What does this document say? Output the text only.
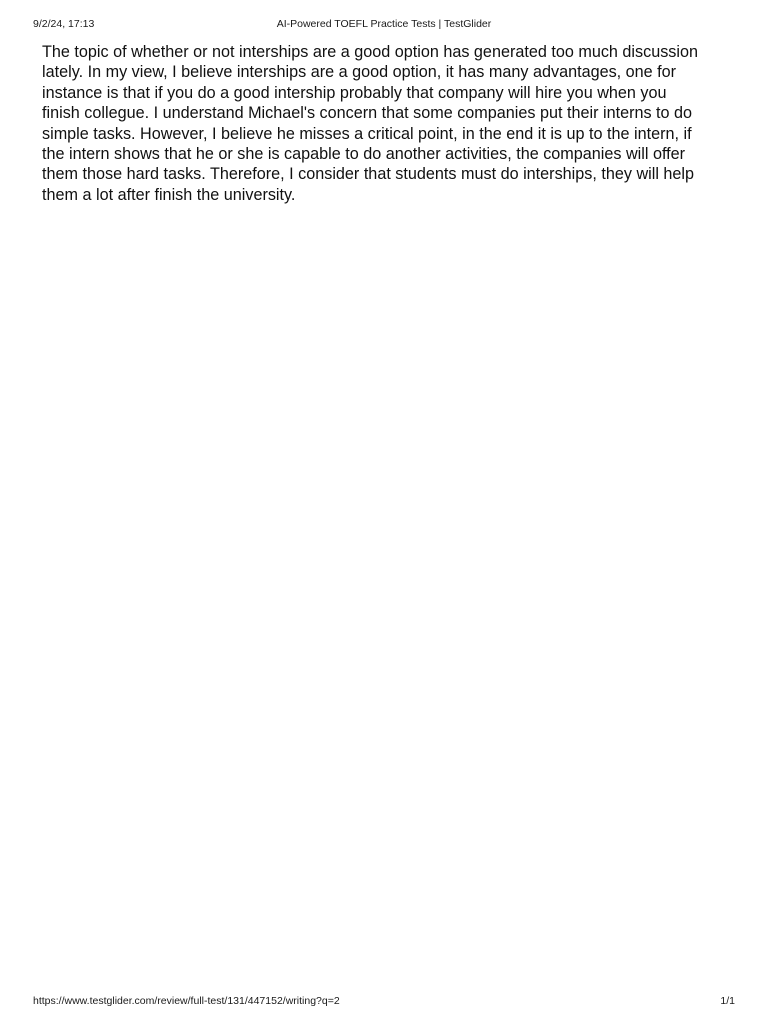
9/2/24, 17:13	AI-Powered TOEFL Practice Tests | TestGlider

The topic of whether or not interships are a good option has generated too much discussion
lately. In my view, I believe interships are a good option, it has many advantages, one for
instance is that if you do a good intership probably that company will hire you when you
finish collegue. I understand Michael's concern that some companies put their interns to do
simple tasks. However, I believe he misses a critical point, in the end it is up to the intern, if
the intern shows that he or she is capable to do another activities, the companies will offer
them those hard tasks. Therefore, I consider that students must do interships, they will help
them a lot after finish the university.

https://www.testglider.com/review/full-test/131/447152/writing?q=2	1/1
